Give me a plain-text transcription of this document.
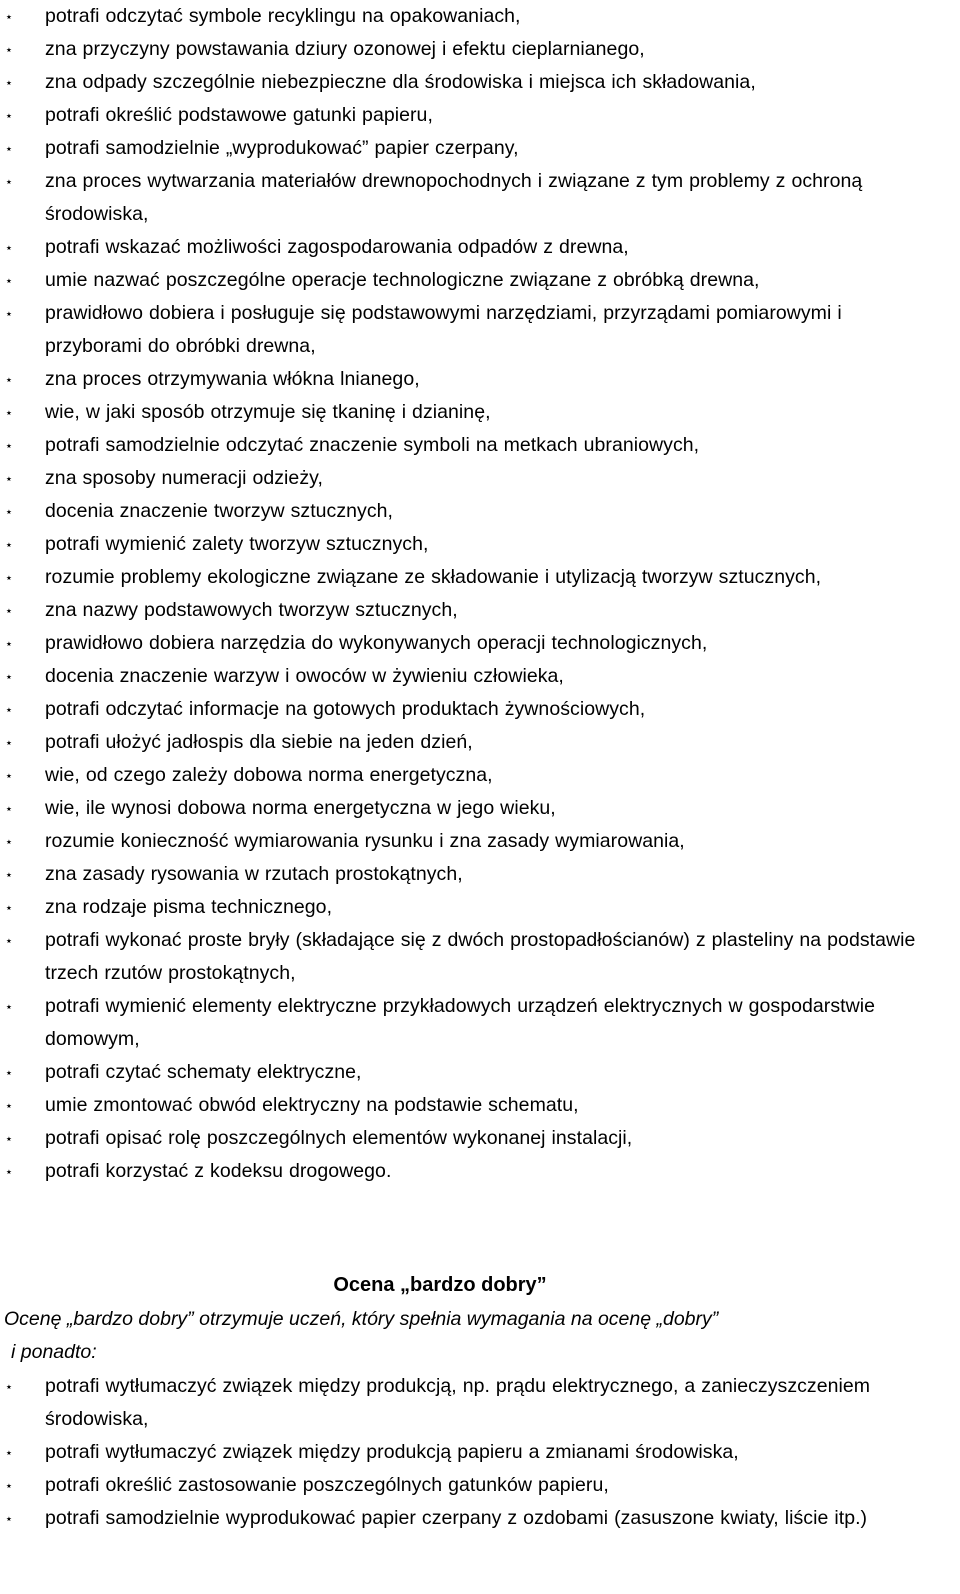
⋆ potrafi odczytać symbole recyklingu na opakowaniach,
⋆ zna przyczyny powstawania dziury ozonowej i efektu cieplarnianego,
⋆ zna odpady szczególnie niebezpieczne dla środowiska i miejsca ich składowania,
⋆ potrafi określić podstawowe gatunki papieru,
⋆ potrafi samodzielnie „wyprodukować” papier czerpany,
⋆ zna proces wytwarzania materiałów drewnopochodnych i związane z tym problemy z ochroną środowiska,
⋆ potrafi wskazać możliwości zagospodarowania odpadów z drewna,
⋆ umie nazwać poszczególne operacje technologiczne związane z obróbką drewna,
⋆ prawidłowo dobiera i posługuje się podstawowymi narzędziami, przyrządami pomiarowymi i przyborami do obróbki drewna,
⋆ zna proces otrzymywania włókna lnianego,
⋆ wie, w jaki sposób otrzymuje się tkaninę i dzianinę,
⋆ potrafi samodzielnie odczytać znaczenie symboli na metkach ubraniowych,
⋆ zna sposoby numeracji odzieży,
⋆ docenia znaczenie tworzyw sztucznych,
⋆ potrafi wymienić zalety tworzyw sztucznych,
⋆ rozumie problemy ekologiczne związane ze składowanie i utylizacją tworzyw sztucznych,
⋆ zna nazwy podstawowych tworzyw sztucznych,
⋆ prawidłowo dobiera narzędzia do wykonywanych operacji technologicznych,
⋆ docenia znaczenie warzyw i owoców w żywieniu człowieka,
⋆ potrafi odczytać informacje na gotowych produktach żywnościowych,
⋆ potrafi ułożyć jadłospis dla siebie na jeden dzień,
⋆ wie, od czego zależy dobowa norma energetyczna,
⋆ wie, ile wynosi dobowa norma energetyczna w jego wieku,
⋆ rozumie konieczność wymiarowania rysunku i zna zasady wymiarowania,
⋆ zna zasady rysowania w rzutach prostokątnych,
⋆ zna rodzaje pisma technicznego,
⋆ potrafi wykonać proste bryły (składające się z dwóch prostopadłościanów) z plasteliny na podstawie trzech rzutów prostokątnych,
⋆ potrafi wymienić elementy elektryczne przykładowych urządzeń elektrycznych w gospodarstwie domowym,
⋆ potrafi czytać schematy elektryczne,
⋆ umie zmontować obwód elektryczny na podstawie schematu,
⋆ potrafi opisać rolę poszczególnych elementów wykonanej instalacji,
⋆ potrafi korzystać z kodeksu drogowego.
Ocena „bardzo dobry”
Ocenę „bardzo dobry” otrzymuje uczeń, który spełnia wymagania na ocenę „dobry”
i ponadto:
⋆ potrafi wytłumaczyć związek między produkcją, np. prądu elektrycznego, a zanieczyszczeniem środowiska,
⋆ potrafi wytłumaczyć związek między produkcją papieru a zmianami środowiska,
⋆ potrafi określić zastosowanie poszczególnych gatunków papieru,
⋆ potrafi samodzielnie wyprodukować papier czerpany z ozdobami (zasuszone kwiaty, liście itp.)
